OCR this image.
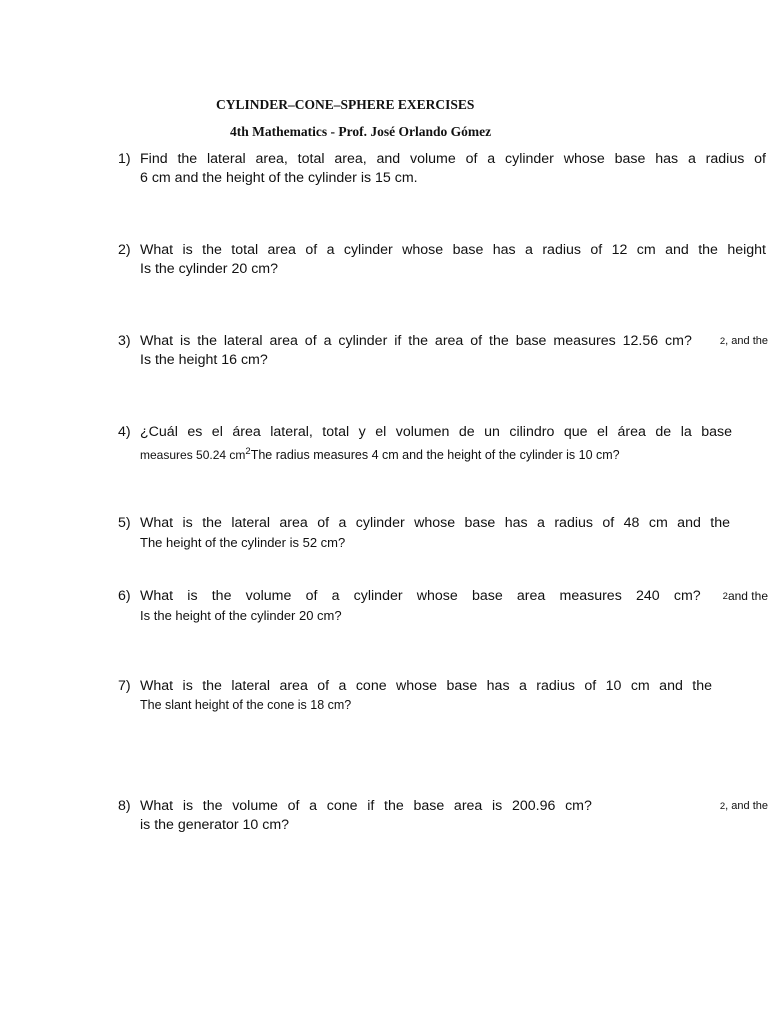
CYLINDER–CONE–SPHERE EXERCISES
4th Mathematics - Prof. José Orlando Gómez
1) Find the lateral area, total area, and volume of a cylinder whose base has a radius of
6 cm and the height of the cylinder is 15 cm.
2) What is the total area of a cylinder whose base has a radius of 12 cm and the height
Is the cylinder 20 cm?
3) What is the lateral area of a cylinder if the area of the base measures 12.56 cm?	2 , and the
Is the height 16 cm?
4) ¿Cuál es el área lateral, total y el volumen de un cilindro que el área de la base
measures 50.24 $cm^2The$ radius measures 4 cm and the height of the cylinder is 10 cm?
5) What is the lateral area of a cylinder whose base has a radius of 48 cm and the
The height of the cylinder is 52 cm?
6) What is the volume of a cylinder whose base area measures 240 cm?	2 and the
Is the height of the cylinder 20 cm?
7) What is the lateral area of a cone whose base has a radius of 10 cm and the
The slant height of the cone is 18 cm?
8) What is the volume of a cone if the base area is 200.96 cm?	2 , and the
is the generator 10 cm?
